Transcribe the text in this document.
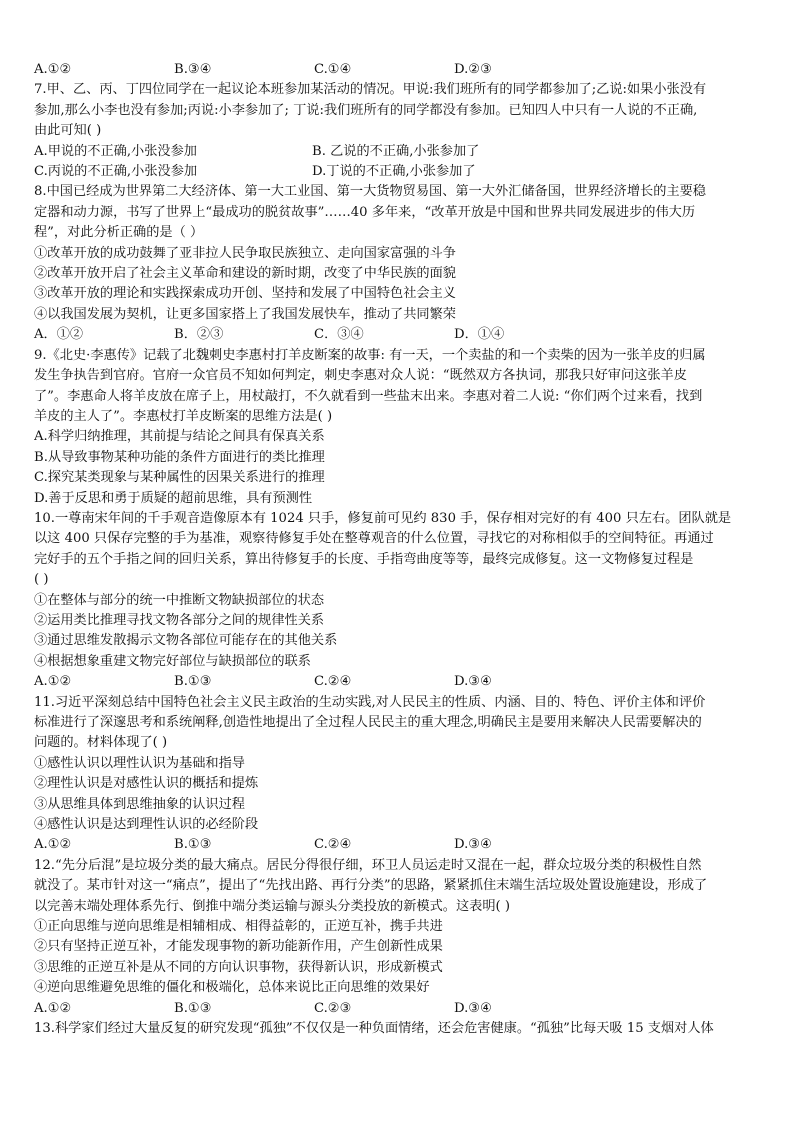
A.①②	B.③④	C.①④	D.②③
7.甲、乙、丙、丁四位同学在一起议论本班参加某活动的情况。甲说:我们班所有的同学都参加了;乙说:如果小张没有
参加,那么小李也没有参加;丙说:小李参加了; 丁说:我们班所有的同学都没有参加。已知四人中只有一人说的不正确,
由此可知( )
A.甲说的不正确,小张没参加	B. 乙说的不正确,小张参加了
C.丙说的不正确,小张没参加	D.丁说的不正确,小张参加了
8.中国已经成为世界第二大经济体、第一大工业国、第一大货物贸易国、第一大外汇储备国，世界经济增长的主要稳
定器和动力源，书写了世界上“最成功的脱贫故事”……40 多年来，“改革开放是中国和世界共同发展进步的伟大历
程”，对此分析正确的是（ ）
①改革开放的成功鼓舞了亚非拉人民争取民族独立、走向国家富强的斗争
②改革开放开启了社会主义革命和建设的新时期，改变了中华民族的面貌
③改革开放的理论和实践探索成功开创、坚持和发展了中国特色社会主义
④以我国发展为契机，让更多国家搭上了我国发展快车，推动了共同繁荣
A．①②	B．②③	C．③④	D．①④
9.《北史·李惠传》记载了北魏刺史李惠村打羊皮断案的故事: 有一天，一个卖盐的和一个卖柴的因为一张羊皮的归属
发生争执告到官府。官府一众官员不知如何判定，刺史李惠对众人说：“既然双方各执词，那我只好审问这张羊皮
了”。李惠命人将羊皮放在席子上，用杖敲打，不久就看到一些盐末出来。李惠对着二人说: “你们两个过来看，找到
羊皮的主人了”。李惠杖打羊皮断案的思维方法是( )
A.科学归纳推理，其前提与结论之间具有保真关系
B.从导致事物某种功能的条件方面进行的类比推理
C.探究某类现象与某种属性的因果关系进行的推理
D.善于反思和勇于质疑的超前思维，具有预测性
10.一尊南宋年间的千手观音造像原本有 1024 只手，修复前可见约 830 手，保存相对完好的有 400 只左右。团队就是
以这 400 只保存完整的手为基准，观察待修复手处在整尊观音的什么位置，寻找它的对称相似手的空间特征。再通过
完好手的五个手指之间的回归关系，算出待修复手的长度、手指弯曲度等等，最终完成修复。这一文物修复过程是
( )
①在整体与部分的统一中推断文物缺损部位的状态
②运用类比推理寻找文物各部分之间的规律性关系
③通过思维发散揭示文物各部位可能存在的其他关系
④根据想象重建文物完好部位与缺损部位的联系
A.①②	B.①③	C.②④	D.③④
11.习近平深刻总结中国特色社会主义民主政治的生动实践,对人民民主的性质、内涵、目的、特色、评价主体和评价
标准进行了深邃思考和系统阐释,创造性地提出了全过程人民民主的重大理念,明确民主是要用来解决人民需要解决的
问题的。材料体现了( )
①感性认识以理性认识为基础和指导
②理性认识是对感性认识的概括和提炼
③从思维具体到思维抽象的认识过程
④感性认识是达到理性认识的必经阶段
A.①②	B.①③	C.②④	D.③④
12.“先分后混”是垃圾分类的最大痛点。居民分得很仔细，环卫人员运走时又混在一起，群众垃圾分类的积极性自然
就没了。某市针对这一“痛点”，提出了“先找出路、再行分类”的思路，紧紧抓住末端生活垃圾处置设施建设，形成了
以完善末端处理体系先行、倒推中端分类运输与源头分类投放的新模式。这表明( )
①正向思维与逆向思维是相辅相成、相得益彰的，正逆互补，携手共进
②只有坚持正逆互补，才能发现事物的新功能新作用，产生创新性成果
③思维的正逆互补是从不同的方向认识事物，获得新认识，形成新模式
④逆向思维避免思维的僵化和极端化，总体来说比正向思维的效果好
A.①②	B.①③	C.②③	D.③④
13.科学家们经过大量反复的研究发现“孤独”不仅仅是一种负面情绪，还会危害健康。“孤独”比每天吸 15 支烟对人体
